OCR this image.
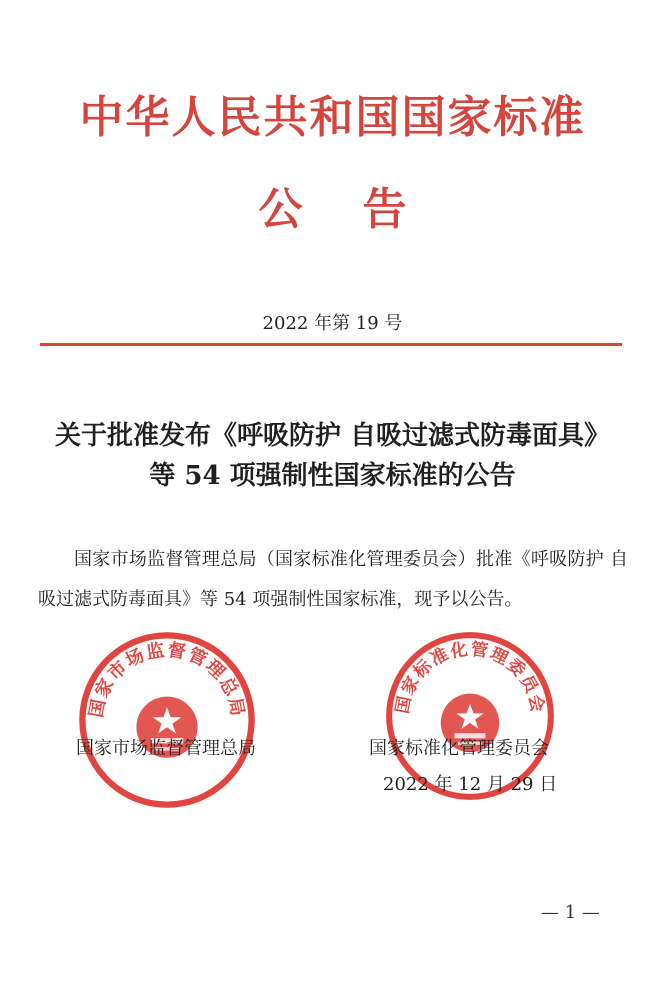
中华人民共和国国家标准
公告
2022 年第 19 号
关于批准发布《呼吸防护 自吸过滤式防毒面具》
等 54 项强制性国家标准的公告
国家市场监督管理总局（国家标准化管理委员会）批准《呼吸防护 自吸过滤式防毒面具》等 54 项强制性国家标准，现予以公告。
国家市场监督管理总局	国家标准化管理委员会
国家市场监督管理总局	国家标准化管理委员会
2022 年 12 月 29 日
— 1 —
